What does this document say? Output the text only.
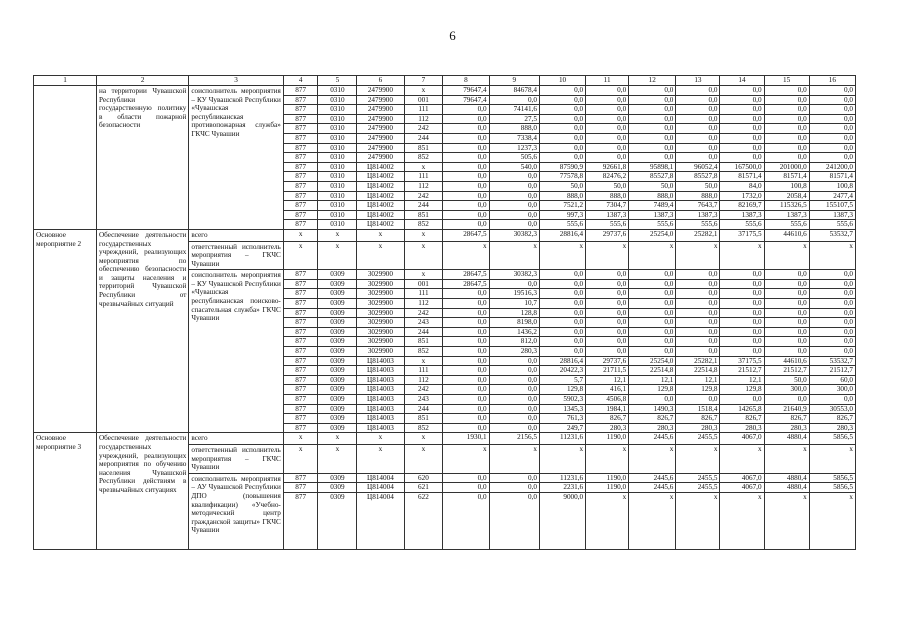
6
1	2	3	4	5	6	7	8	9	10	11	12	13	14	15	16
	на территории Чувашской Республики государственную политику в области пожарной безопасности	соисполнитель мероприятия – КУ Чувашской Республики «Чувашская республиканская противопожарная служба» ГКЧС Чувашии	877	0310	2479900	x	79647,4	84678,4	0,0	0,0	0,0	0,0	0,0	0,0	0,0
			877	0310	2479900	001	79647,4	0,0	0,0	0,0	0,0	0,0	0,0	0,0	0,0
			877	0310	2479900	111	0,0	74141,6	0,0	0,0	0,0	0,0	0,0	0,0	0,0
			877	0310	2479900	112	0,0	27,5	0,0	0,0	0,0	0,0	0,0	0,0	0,0
			877	0310	2479900	242	0,0	888,0	0,0	0,0	0,0	0,0	0,0	0,0	0,0
			877	0310	2479900	244	0,0	7338,4	0,0	0,0	0,0	0,0	0,0	0,0	0,0
			877	0310	2479900	851	0,0	1237,3	0,0	0,0	0,0	0,0	0,0	0,0	0,0
			877	0310	2479900	852	0,0	505,6	0,0	0,0	0,0	0,0	0,0	0,0	0,0
			877	0310	Ц814002	x	0,0	540,0	87590,9	92661,8	95898,1	96052,4	167500,0	201000,0	241200,0
			877	0310	Ц814002	111	0,0	0,0	77578,8	82476,2	85527,8	85527,8	81571,4	81571,4	81571,4
			877	0310	Ц814002	112	0,0	0,0	50,0	50,0	50,0	50,0	84,0	100,8	100,8
			877	0310	Ц814002	242	0,0	0,0	888,0	888,0	888,0	888,0	1732,0	2058,4	2477,4
			877	0310	Ц814002	244	0,0	0,0	7521,2	7304,7	7489,4	7643,7	82169,7	115326,5	155107,5
			877	0310	Ц814002	851	0,0	0,0	997,3	1387,3	1387,3	1387,3	1387,3	1387,3	1387,3
			877	0310	Ц814002	852	0,0	0,0	555,6	555,6	555,6	555,6	555,6	555,6	555,6
Основное мероприятие 2	Обеспечение деятельности государственных учреждений, реализующих мероприятия по обеспечению безопасности и защиты населения и территорий Чувашской Республики от чрезвычайных ситуаций	всего	x	x	x	x	28647,5	30382,3	28816,4	29737,6	25254,0	25282,1	37175,5	44610,6	53532,7
		ответственный исполнитель мероприятия – ГКЧС Чувашии	x	x	x	x	x	x	x	x	x	x	x	x	x
		соисполнитель мероприятия – КУ Чувашской Республики «Чувашская республиканская поисково-спасательная служба» ГКЧС Чувашии	877	0309	3029900	x	28647,5	30382,3	0,0	0,0	0,0	0,0	0,0	0,0	0,0
			877	0309	3029900	001	28647,5	0,0	0,0	0,0	0,0	0,0	0,0	0,0	0,0
			877	0309	3029900	111	0,0	19516,3	0,0	0,0	0,0	0,0	0,0	0,0	0,0
			877	0309	3029900	112	0,0	10,7	0,0	0,0	0,0	0,0	0,0	0,0	0,0
			877	0309	3029900	242	0,0	128,8	0,0	0,0	0,0	0,0	0,0	0,0	0,0
			877	0309	3029900	243	0,0	8198,0	0,0	0,0	0,0	0,0	0,0	0,0	0,0
			877	0309	3029900	244	0,0	1436,2	0,0	0,0	0,0	0,0	0,0	0,0	0,0
			877	0309	3029900	851	0,0	812,0	0,0	0,0	0,0	0,0	0,0	0,0	0,0
			877	0309	3029900	852	0,0	280,3	0,0	0,0	0,0	0,0	0,0	0,0	0,0
			877	0309	Ц814003	x	0,0	0,0	28816,4	29737,6	25254,0	25282,1	37175,5	44610,6	53532,7
			877	0309	Ц814003	111	0,0	0,0	20422,3	21711,5	22514,8	22514,8	21512,7	21512,7	21512,7
			877	0309	Ц814003	112	0,0	0,0	5,7	12,1	12,1	12,1	12,1	50,0	60,0
			877	0309	Ц814003	242	0,0	0,0	129,8	416,1	129,8	129,8	129,8	300,0	300,0
			877	0309	Ц814003	243	0,0	0,0	5902,3	4506,8	0,0	0,0	0,0	0,0	0,0
			877	0309	Ц814003	244	0,0	0,0	1345,3	1984,1	1490,3	1518,4	14265,8	21640,9	30553,0
			877	0309	Ц814003	851	0,0	0,0	761,3	826,7	826,7	826,7	826,7	826,7	826,7
			877	0309	Ц814003	852	0,0	0,0	249,7	280,3	280,3	280,3	280,3	280,3	280,3
Основное мероприятие 3	Обеспечение деятельности государственных учреждений, реализующих мероприятия по обучению населения Чувашской Республики действиям в чрезвычайных ситуациях	всего	x	x	x	x	1930,1	2156,5	11231,6	1190,0	2445,6	2455,5	4067,0	4880,4	5856,5
		ответственный исполнитель мероприятия – ГКЧС Чувашии	x	x	x	x	x	x	x	x	x	x	x	x	x
		соисполнитель мероприятия – АУ Чувашской Республики ДПО (повышения квалификации) «Учебно-методический центр гражданской защиты» ГКЧС Чувашии	877	0309	Ц814004	620	0,0	0,0	11231,6	1190,0	2445,6	2455,5	4067,0	4880,4	5856,5
			877	0309	Ц814004	621	0,0	0,0	2231,6	1190,0	2445,6	2455,5	4067,0	4880,4	5856,5
			877	0309	Ц814004	622	0,0	0,0	9000,0	x	x	x	x	x	x
